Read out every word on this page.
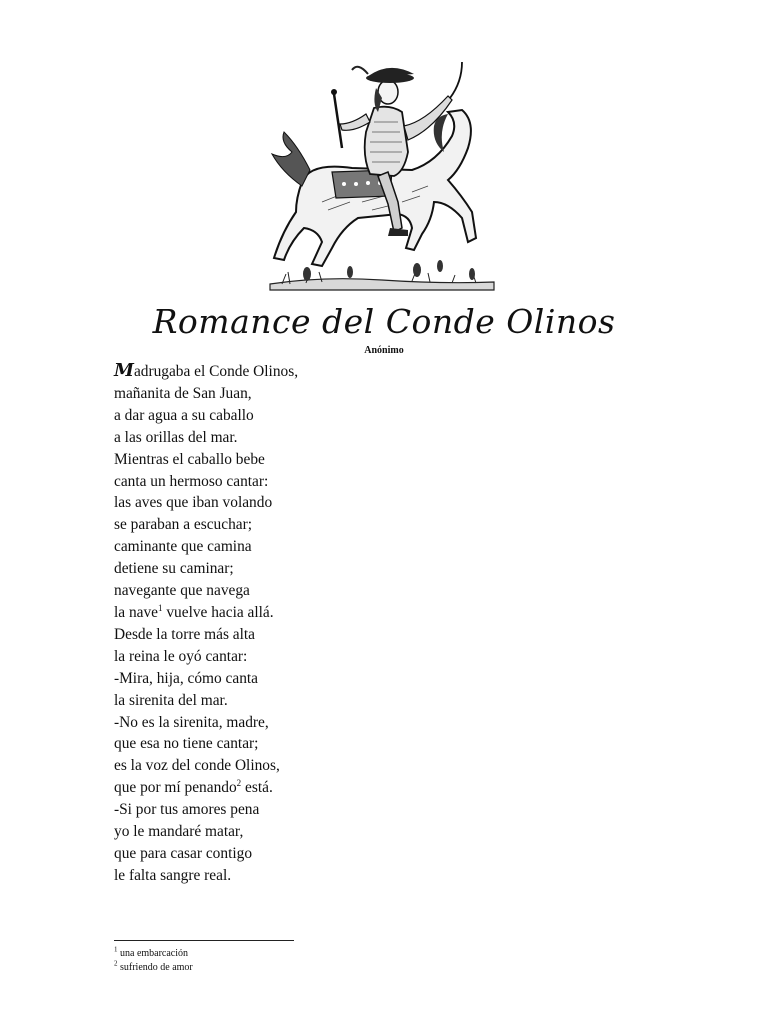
Romance del Conde Olinos
Anónimo
Madrugaba el Conde Olinos,
mañanita de San Juan,
a dar agua a su caballo
a las orillas del mar.
Mientras el caballo bebe
canta un hermoso cantar:
las aves que iban volando
se paraban a escuchar;
caminante que camina
detiene su caminar;
navegante que navega
la nave$^1$ vuelve hacia allá.
Desde la torre más alta
la reina le oyó cantar:
-Mira, hija, cómo canta
la sirenita del mar.
-No es la sirenita, madre,
que esa no tiene cantar;
es la voz del conde Olinos,
que por mí penando$^2$ está.
-Si por tus amores pena
yo le mandaré matar,
que para casar contigo
le falta sangre real.
$^1$ una embarcación
$^2$ sufriendo de amor
